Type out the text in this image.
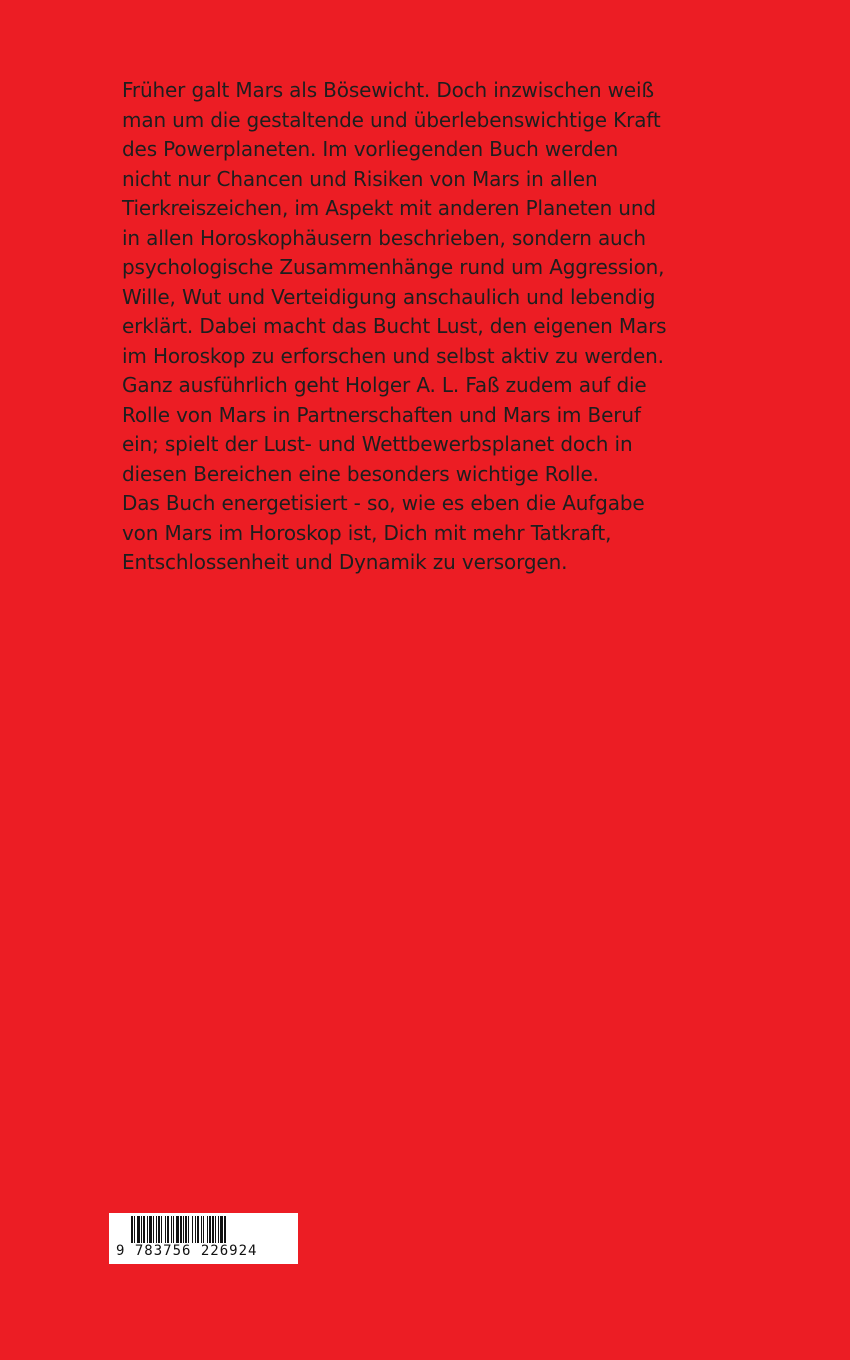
Früher galt Mars als Bösewicht. Doch inzwischen weiß
man um die gestaltende und überlebenswichtige Kraft
des Powerplaneten. Im vorliegenden Buch werden
nicht nur Chancen und Risiken von Mars in allen
Tierkreiszeichen, im Aspekt mit anderen Planeten und
in allen Horoskophäusern beschrieben, sondern auch
psychologische Zusammenhänge rund um Aggression,
Wille, Wut und Verteidigung anschaulich und lebendig
erklärt. Dabei macht das Bucht Lust, den eigenen Mars
im Horoskop zu erforschen und selbst aktiv zu werden.
Ganz ausführlich geht Holger A. L. Faß zudem auf die
Rolle von Mars in Partnerschaften und Mars im Beruf
ein; spielt der Lust- und Wettbewerbsplanet doch in
diesen Bereichen eine besonders wichtige Rolle.
Das Buch energetisiert - so, wie es eben die Aufgabe
von Mars im Horoskop ist, Dich mit mehr Tatkraft,
Entschlossenheit und Dynamik zu versorgen.

9 783756 226924
